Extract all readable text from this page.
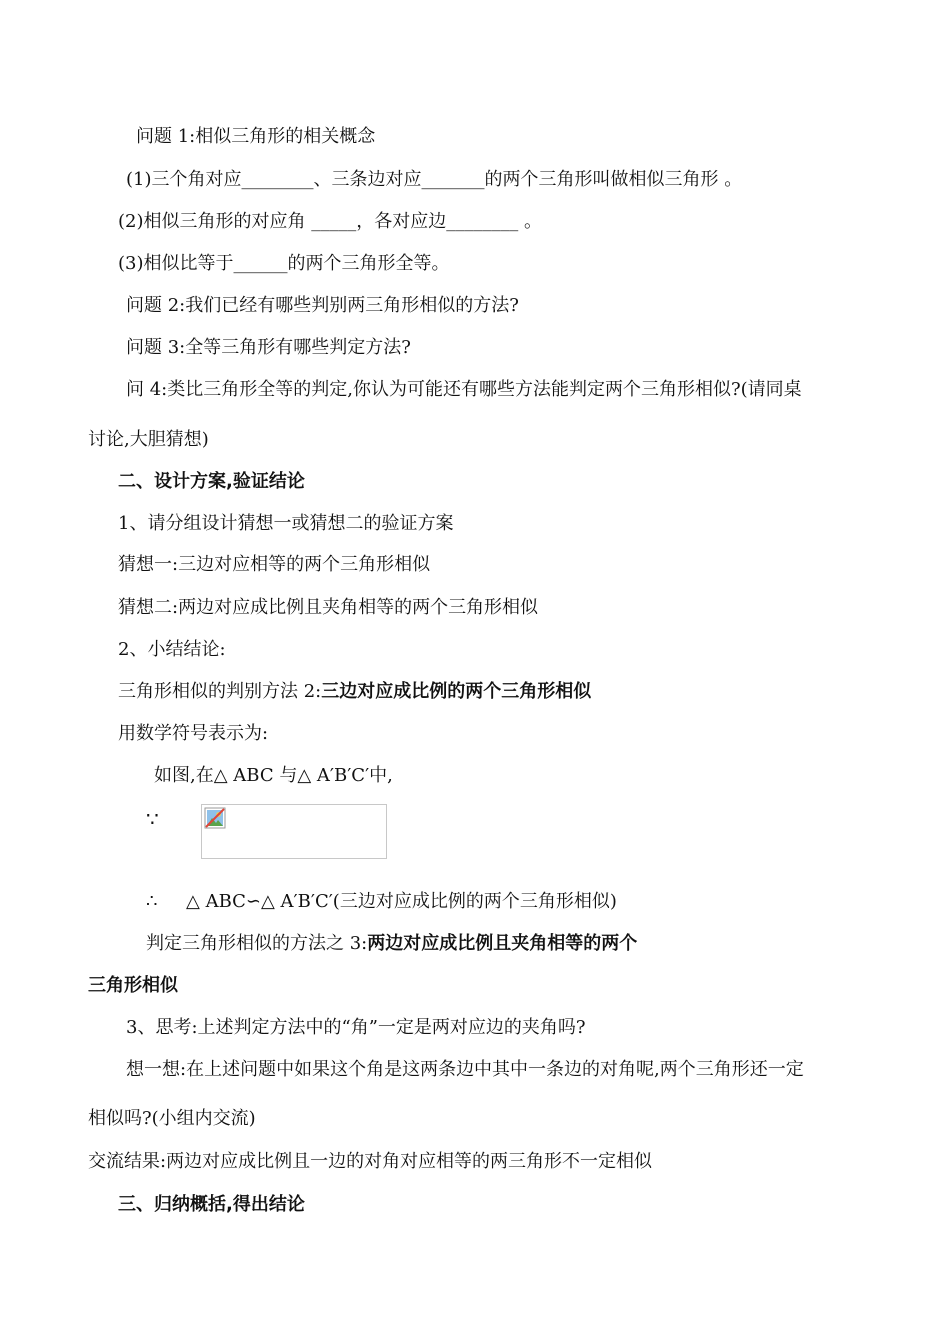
问题 1:相似三角形的相关概念
(1)三个角对应________、三条边对应_______的两个三角形叫做相似三角形 。
(2)相似三角形的对应角 _____，各对应边________ 。
(3)相似比等于______的两个三角形全等。
问题 2:我们已经有哪些判别两三角形相似的方法?
问题 3:全等三角形有哪些判定方法?
问 4:类比三角形全等的判定,你认为可能还有哪些方法能判定两个三角形相似?(请同桌
讨论,大胆猜想)
二、设计方案,验证结论
1、请分组设计猜想一或猜想二的验证方案
猜想一:三边对应相等的两个三角形相似
猜想二:两边对应成比例且夹角相等的两个三角形相似
2、小结结论:
三角形相似的判别方法 2:三边对应成比例的两个三角形相似
用数学符号表示为:
如图,在△ ABC 与△ A′B′C′中,
∵
∴ △ ABC∽△ A′B′C′(三边对应成比例的两个三角形相似)
判定三角形相似的方法之 3:两边对应成比例且夹角相等的两个
三角形相似
3、思考:上述判定方法中的“角”一定是两对应边的夹角吗?
想一想:在上述问题中如果这个角是这两条边中其中一条边的对角呢,两个三角形还一定
相似吗?(小组内交流)
交流结果:两边对应成比例且一边的对角对应相等的两三角形不一定相似
三、归纳概括,得出结论
